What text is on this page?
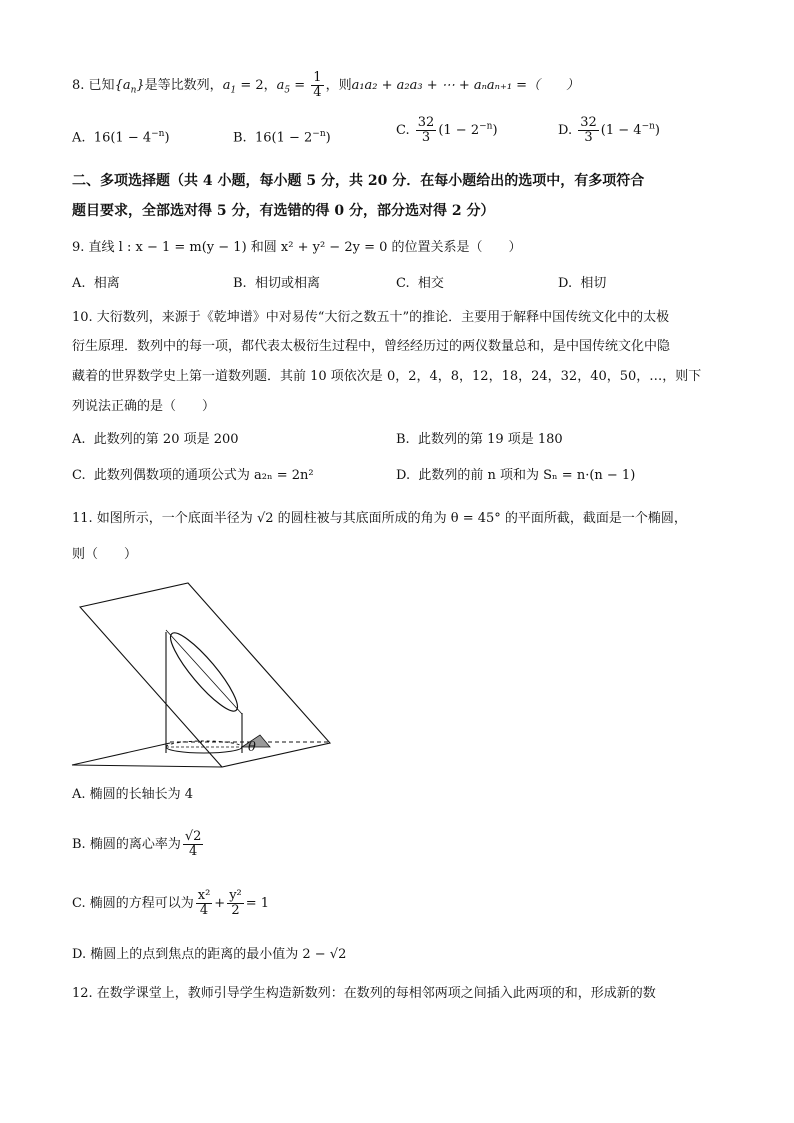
8. 已知$\{a_n\}$是等比数列，$a_1 = 2$，$a_5 = \frac{1}{4}$ ，则a₁a₂ + a₂a₃ + ⋯ + aₙaₙ₊₁ =（　　）
A. $16(1 - 4^{-n})$	B. $16(1 - 2^{-n})$	C. $\frac{32}{3} (1 - 2^{-n})$	D. $\frac{32}{3} (1 - 4^{-n})$
二、多项选择题（共 4 小题，每小题 5 分，共 20 分．在每小题给出的选项中，有多项符合
题目要求，全部选对得 5 分，有选错的得 0 分，部分选对得 2 分）
9. 直线 l : x − 1 = m(y − 1) 和圆 x² + y² − 2y = 0 的位置关系是（　　）
A. 相离	B. 相切或相离	C. 相交	D. 相切
10. 大衍数列，来源于《乾坤谱》中对易传“大衍之数五十”的推论．主要用于解释中国传统文化中的太极
衍生原理．数列中的每一项，都代表太极衍生过程中，曾经经历过的两仪数量总和，是中国传统文化中隐
藏着的世界数学史上第一道数列题．其前 10 项依次是 0，2，4，8，12，18，24，32，40，50，…，则下
列说法正确的是（　　）
A. 此数列的第 20 项是 200	B. 此数列的第 19 项是 180
C. 此数列偶数项的通项公式为 a₂ₙ = 2n²	D. 此数列的前 n 项和为 Sₙ = n·(n − 1)
11. 如图所示，一个底面半径为 √2 的圆柱被与其底面所成的角为 θ = 45° 的平面所截，截面是一个椭圆，
则（　　）
θ
A. 椭圆的长轴长为 4
B. 椭圆的离心率为 $\frac{√2}{4}$
C. 椭圆的方程可以为 $\frac{\text{x²}}{4} + \frac{\text{y²}}{2} = 1$
D. 椭圆上的点到焦点的距离的最小值为 2 − √2
12. 在数学课堂上，教师引导学生构造新数列：在数列的每相邻两项之间插入此两项的和，形成新的数
